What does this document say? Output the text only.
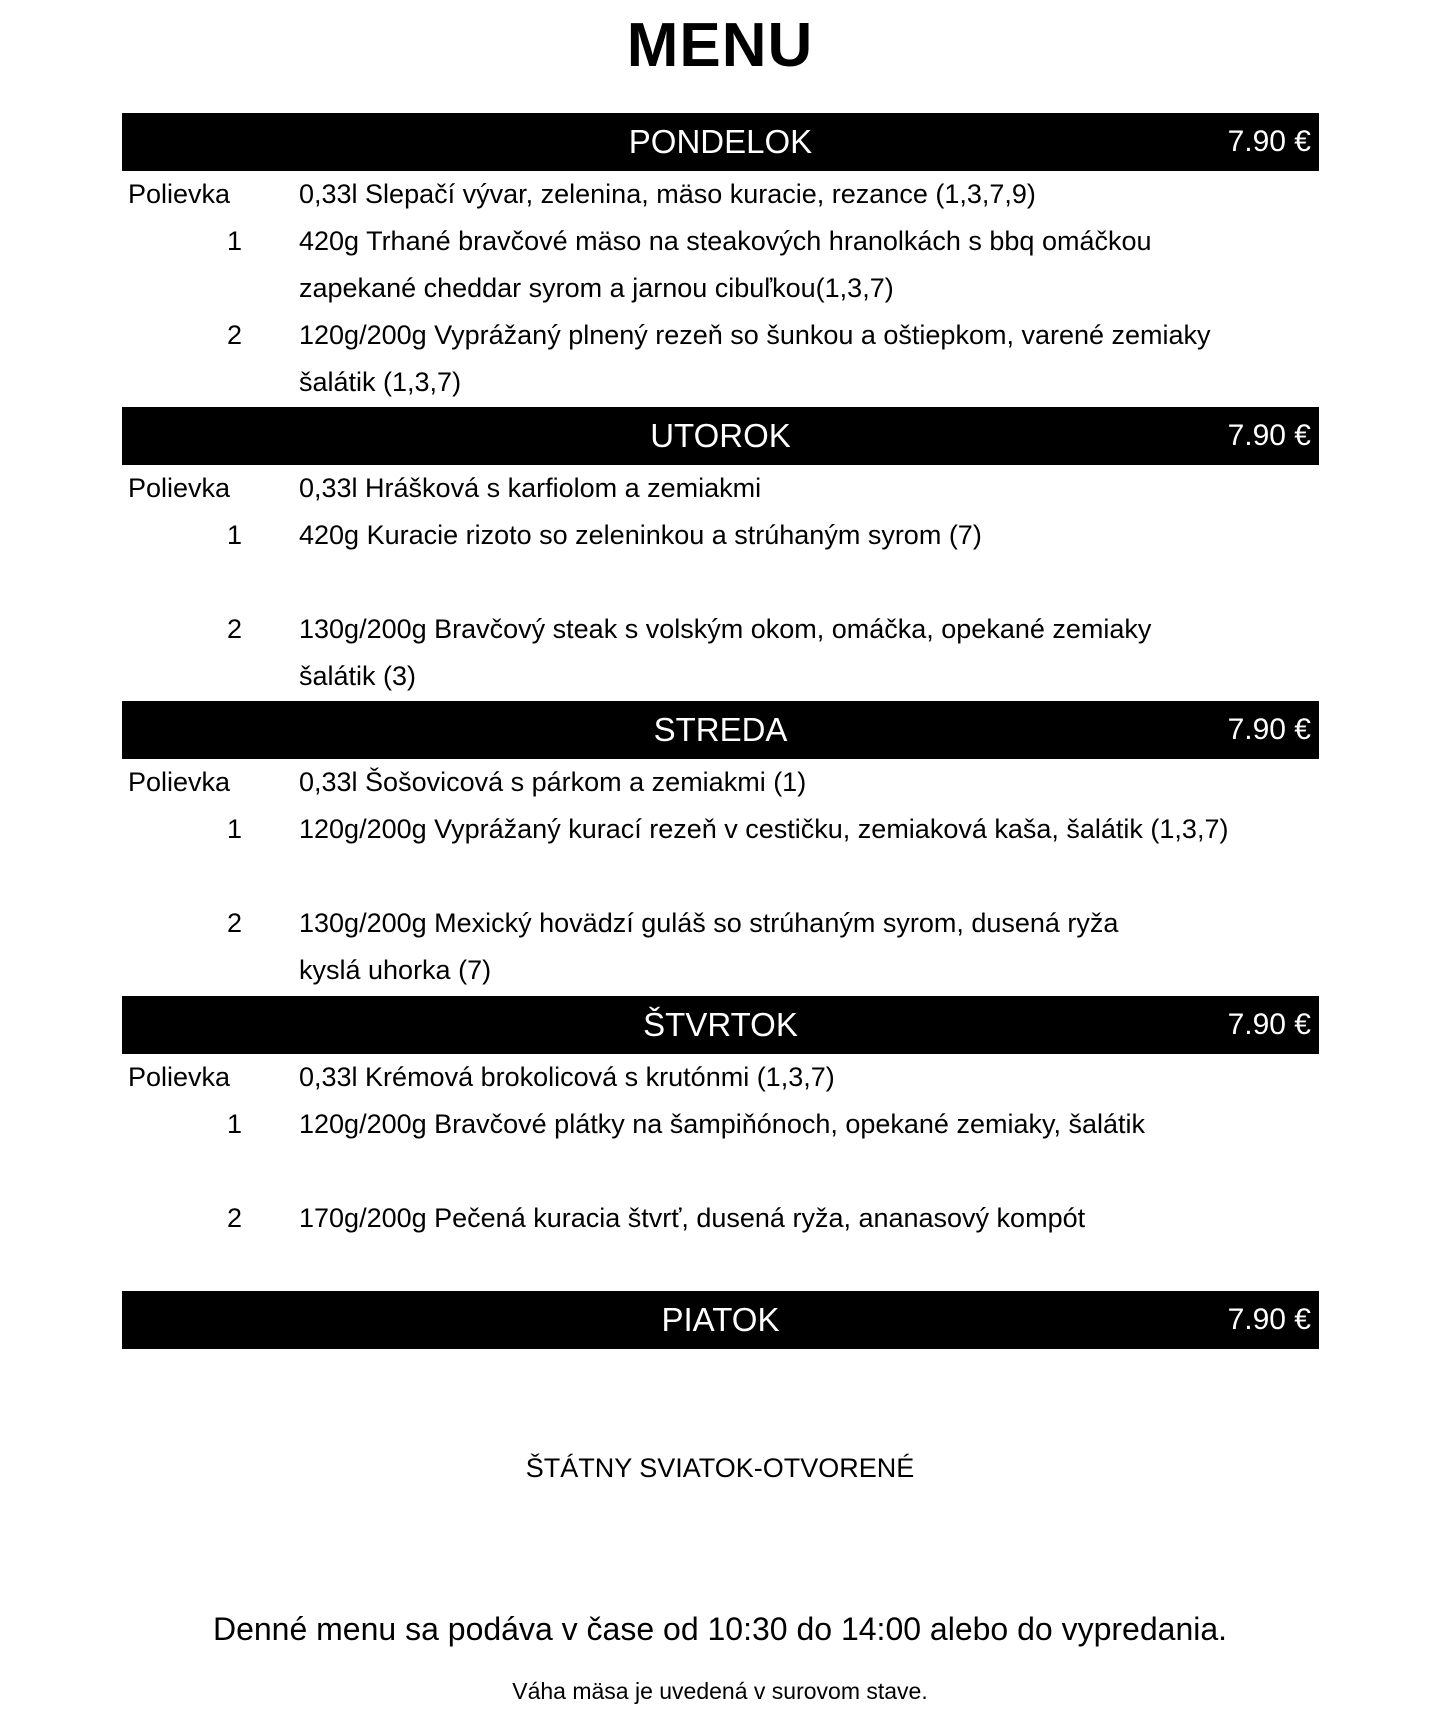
MENU
PONDELOK	7.90 €
Polievka	0,33l Slepačí vývar, zelenina, mäso kuracie, rezance (1,3,7,9)
1 420g Trhané bravčové mäso na steakových hranolkách s bbq omáčkou
zapekané cheddar syrom a jarnou cibuľkou(1,3,7)
2 120g/200g Vyprážaný plnený rezeň so šunkou a oštiepkom, varené zemiaky
šalátik (1,3,7)
UTOROK	7.90 €
Polievka	0,33l Hrášková s karfiolom a zemiakmi
1 420g Kuracie rizoto so zeleninkou a strúhaným syrom (7)
2 130g/200g Bravčový steak s volským okom, omáčka, opekané zemiaky
šalátik (3)
STREDA	7.90 €
Polievka	0,33l Šošovicová s párkom a zemiakmi (1)
1 120g/200g Vyprážaný kurací rezeň v cestičku, zemiaková kaša, šalátik (1,3,7)
2 130g/200g Mexický hovädzí guláš so strúhaným syrom, dusená ryža
kyslá uhorka (7)
ŠTVRTOK	7.90 €
Polievka	0,33l Krémová brokolicová s krutónmi (1,3,7)
1 120g/200g Bravčové plátky na šampiňónoch, opekané zemiaky, šalátik
2 170g/200g Pečená kuracia štvrť, dusená ryža, ananasový kompót
PIATOK	7.90 €
ŠTÁTNY SVIATOK-OTVORENÉ
Denné menu sa podáva v čase od 10:30 do 14:00 alebo do vypredania.
Váha mäsa je uvedená v surovom stave.
